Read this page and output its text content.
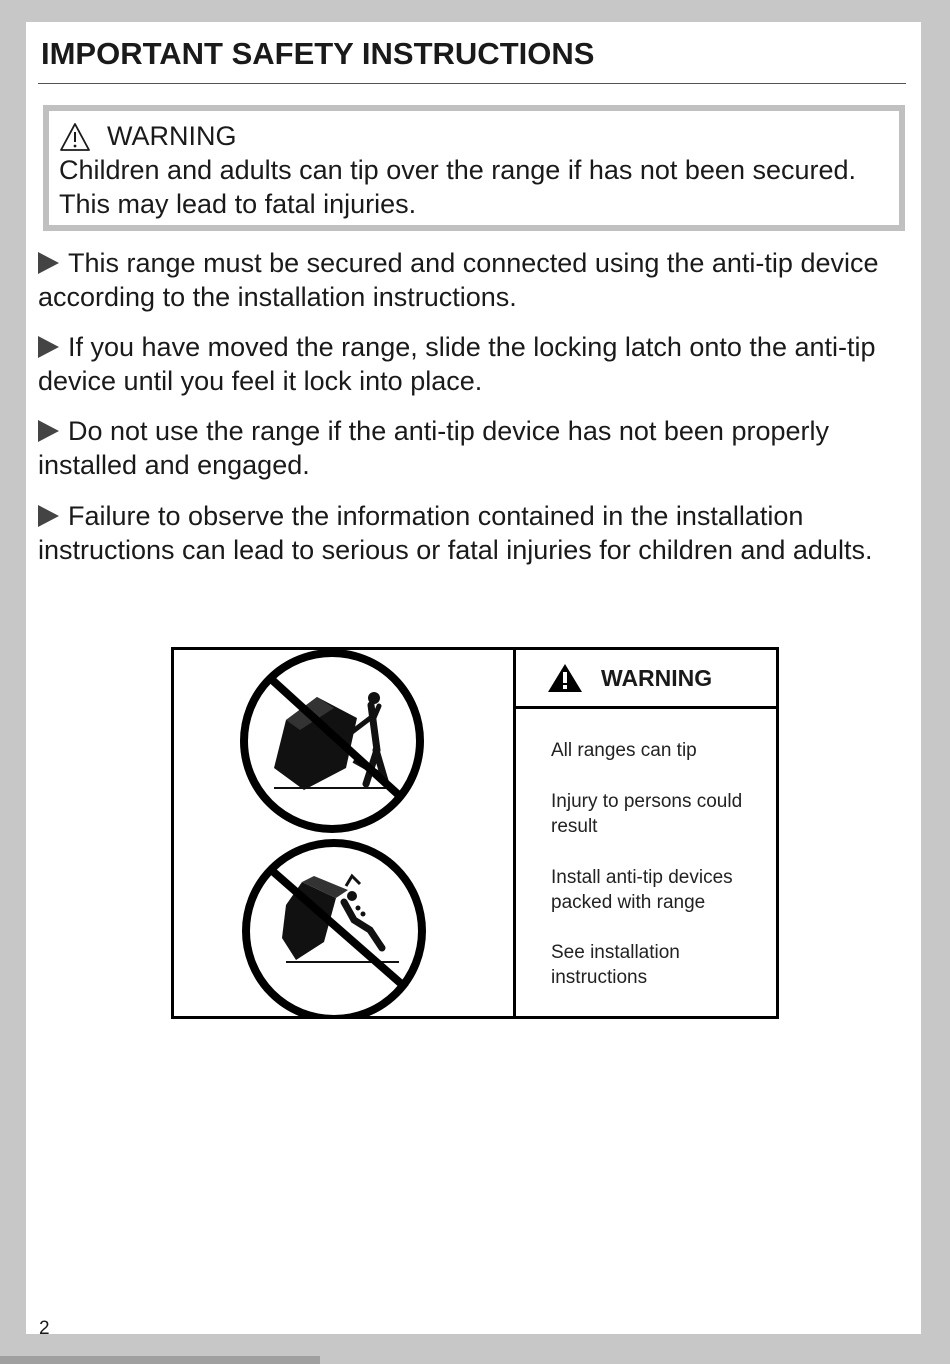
IMPORTANT SAFETY INSTRUCTIONS
WARNING
Children and adults can tip over the range if has not been secured.
This may lead to fatal injuries.

This range must be secured and connected using the anti-tip device according to the installation instructions.

If you have moved the range, slide the locking latch onto the anti-tip device until you feel it lock into place.

Do not use the range if the anti-tip device has not been properly installed and engaged.

Failure to observe the information contained in the installation instructions can lead to serious or fatal injuries for children and adults.

WARNING
All ranges can tip
Injury to persons could result
Install anti-tip devices packed with range
See installation instructions
2
